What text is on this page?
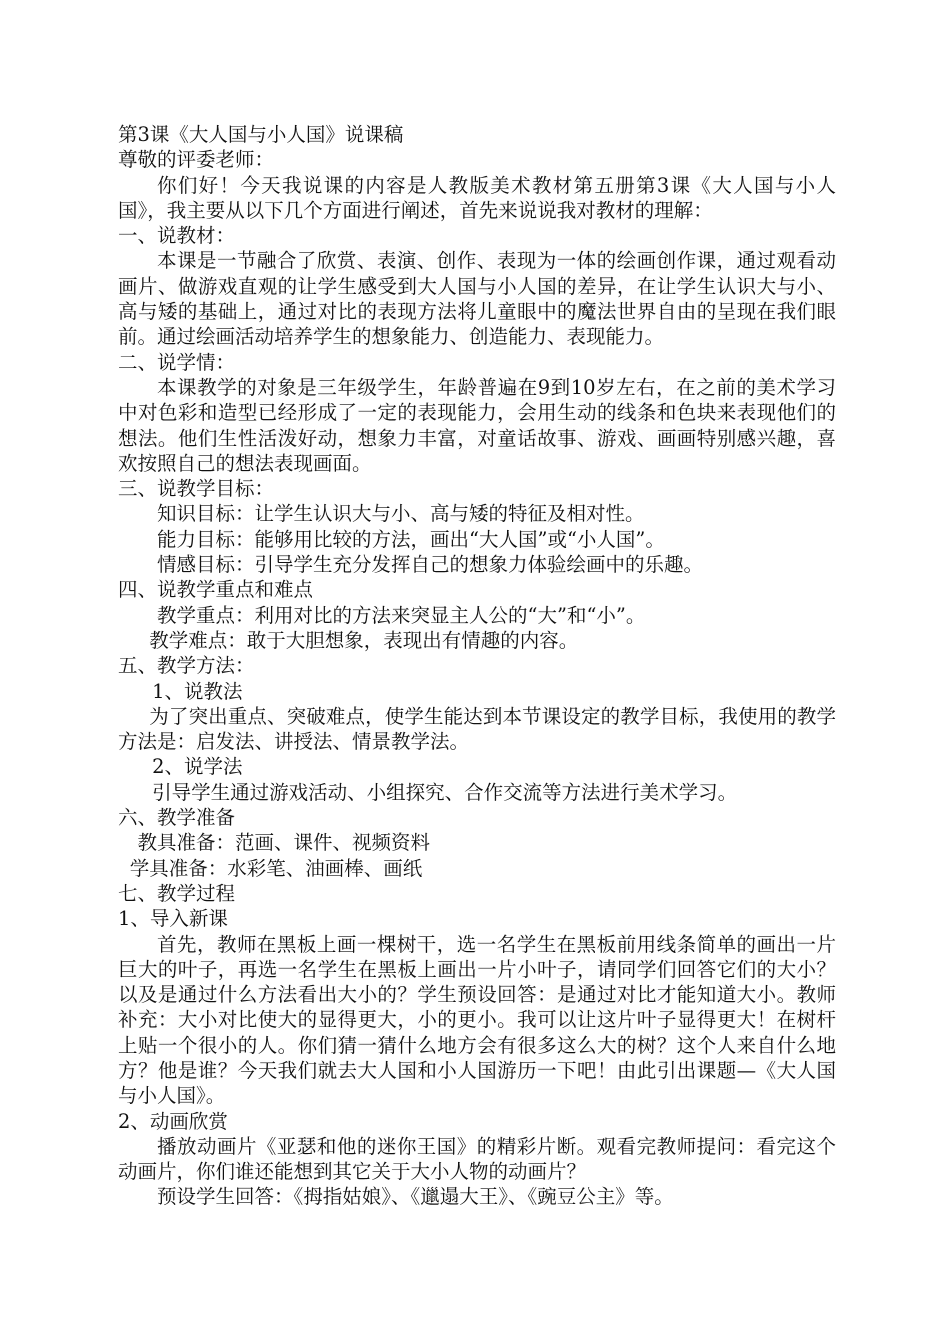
第3课《大人国与小人国》说课稿

尊敬的评委老师：

你们好！今天我说课的内容是人教版美术教材第五册第3课《大人国与小人国》，我主要从以下几个方面进行阐述，首先来说说我对教材的理解：

一、说教材：

本课是一节融合了欣赏、表演、创作、表现为一体的绘画创作课，通过观看动画片、做游戏直观的让学生感受到大人国与小人国的差异，在让学生认识大与小、高与矮的基础上，通过对比的表现方法将儿童眼中的魔法世界自由的呈现在我们眼前。通过绘画活动培养学生的想象能力、创造能力、表现能力。

二、说学情：

本课教学的对象是三年级学生，年龄普遍在9到10岁左右，在之前的美术学习中对色彩和造型已经形成了一定的表现能力，会用生动的线条和色块来表现他们的想法。他们生性活泼好动，想象力丰富，对童话故事、游戏、画画特别感兴趣，喜欢按照自己的想法表现画面。

三、说教学目标：

知识目标：让学生认识大与小、高与矮的特征及相对性。

能力目标：能够用比较的方法，画出“大人国”或“小人国”。

情感目标：引导学生充分发挥自己的想象力体验绘画中的乐趣。

四、说教学重点和难点

教学重点：利用对比的方法来突显主人公的“大”和“小”。

教学难点：敢于大胆想象，表现出有情趣的内容。

五、教学方法：

1、说教法

为了突出重点、突破难点，使学生能达到本节课设定的教学目标，我使用的教学方法是：启发法、讲授法、情景教学法。

2、说学法

引导学生通过游戏活动、小组探究、合作交流等方法进行美术学习。

六、教学准备

教具准备：范画、课件、视频资料

学具准备：水彩笔、油画棒、画纸

七、教学过程

1、导入新课

首先，教师在黑板上画一棵树干，选一名学生在黑板前用线条简单的画出一片巨大的叶子，再选一名学生在黑板上画出一片小叶子，请同学们回答它们的大小？以及是通过什么方法看出大小的？学生预设回答：是通过对比才能知道大小。教师补充：大小对比使大的显得更大，小的更小。我可以让这片叶子显得更大！在树杆上贴一个很小的人。你们猜一猜什么地方会有很多这么大的树？这个人来自什么地方？他是谁？今天我们就去大人国和小人国游历一下吧！由此引出课题—《大人国与小人国》。

2、动画欣赏

播放动画片《亚瑟和他的迷你王国》的精彩片断。观看完教师提问：看完这个动画片，你们谁还能想到其它关于大小人物的动画片？

预设学生回答：《拇指姑娘》、《邋遢大王》、《豌豆公主》等。
